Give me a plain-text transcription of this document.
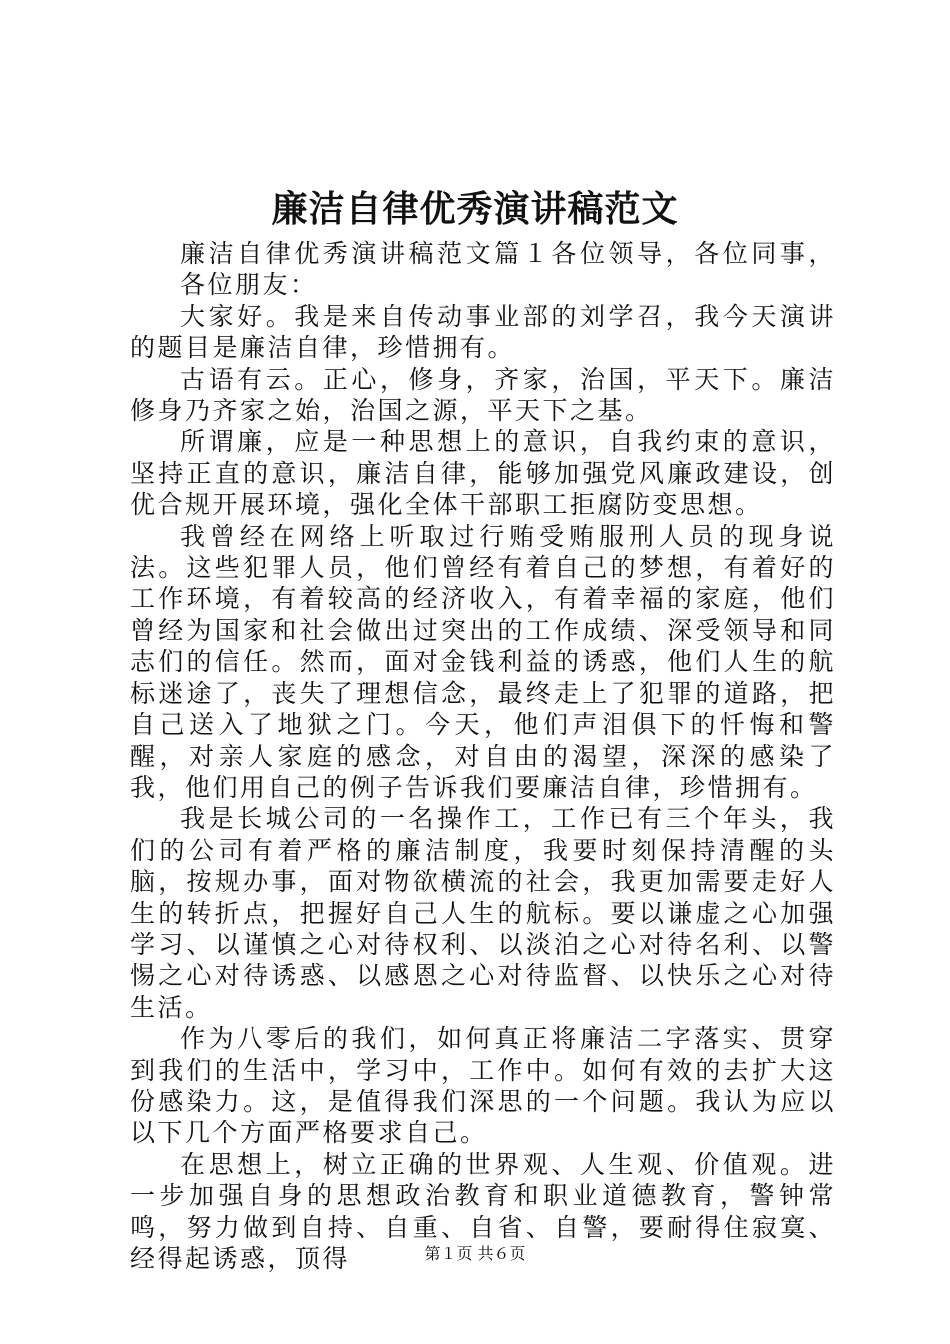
廉洁自律优秀演讲稿范文

廉洁自律优秀演讲稿范文篇１各位领导，各位同事，各位朋友：

大家好。我是来自传动事业部的刘学召，我今天演讲的题目是廉洁自律，珍惜拥有。

古语有云。正心，修身，齐家，治国，平天下。廉洁修身乃齐家之始，治国之源，平天下之基。

所谓廉，应是一种思想上的意识，自我约束的意识，坚持正直的意识，廉洁自律，能够加强党风廉政建设，创优合规开展环境，强化全体干部职工拒腐防变思想。

我曾经在网络上听取过行贿受贿服刑人员的现身说法。这些犯罪人员，他们曾经有着自己的梦想，有着好的工作环境，有着较高的经济收入，有着幸福的家庭，他们曾经为国家和社会做出过突出的工作成绩、深受领导和同志们的信任。然而，面对金钱利益的诱惑，他们人生的航标迷途了，丧失了理想信念，最终走上了犯罪的道路，把自己送入了地狱之门。今天，他们声泪俱下的忏悔和警醒，对亲人家庭的感念，对自由的渴望，深深的感染了我，他们用自己的例子告诉我们要廉洁自律，珍惜拥有。

我是长城公司的一名操作工，工作已有三个年头，我们的公司有着严格的廉洁制度，我要时刻保持清醒的头脑，按规办事，面对物欲横流的社会，我更加需要走好人生的转折点，把握好自己人生的航标。要以谦虚之心加强学习、以谨慎之心对待权利、以淡泊之心对待名利、以警惕之心对待诱惑、以感恩之心对待监督、以快乐之心对待生活。

作为八零后的我们，如何真正将廉洁二字落实、贯穿到我们的生活中，学习中，工作中。如何有效的去扩大这份感染力。这，是值得我们深思的一个问题。我认为应以以下几个方面严格要求自己。

在思想上，树立正确的世界观、人生观、价值观。进一步加强自身的思想政治教育和职业道德教育，警钟常鸣，努力做到自持、自重、自省、自警，要耐得住寂寞、经得起诱惑，顶得	第１页 共６页
